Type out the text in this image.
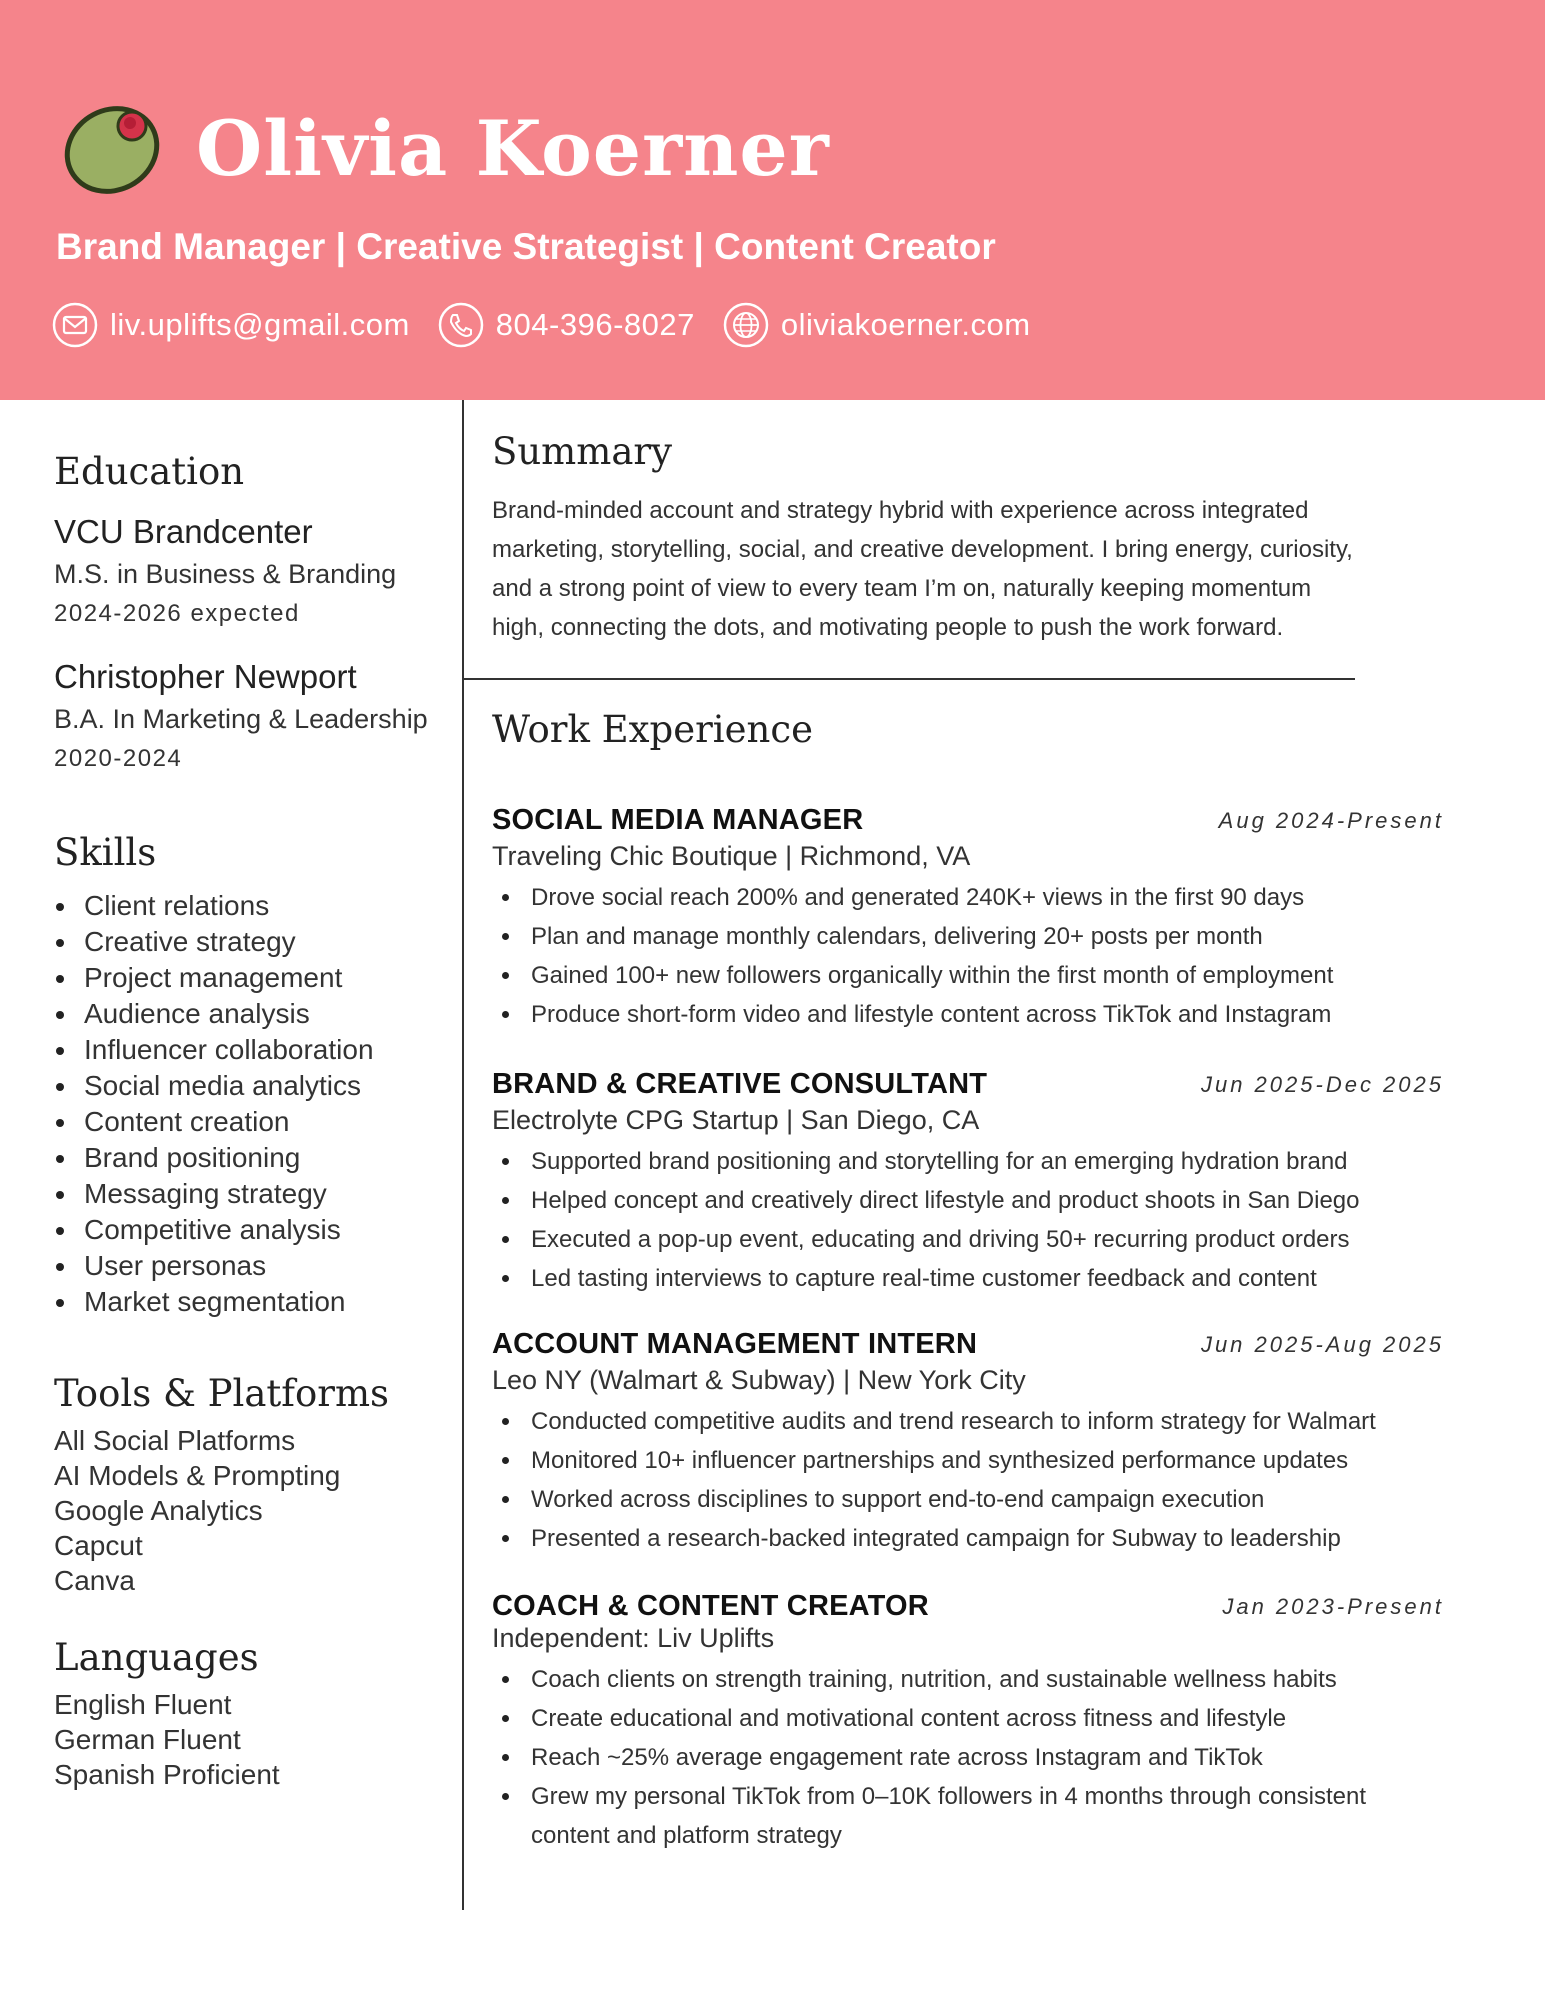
Olivia Koerner
Brand Manager | Creative Strategist | Content Creator
liv.uplifts@gmail.com	804-396-8027	oliviakoerner.com
Education
VCU Brandcenter
M.S. in Business & Branding
2024-2026 expected
Christopher Newport
B.A. In Marketing & Leadership
2020-2024
Skills
Client relations
Creative strategy
Project management
Audience analysis
Influencer collaboration
Social media analytics
Content creation
Brand positioning
Messaging strategy
Competitive analysis
User personas
Market segmentation
Tools & Platforms
All Social Platforms
AI Models & Prompting
Google Analytics
Capcut
Canva
Languages
English Fluent
German Fluent
Spanish Proficient
Summary
Brand-minded account and strategy hybrid with experience across integrated
marketing, storytelling, social, and creative development. I bring energy, curiosity,
and a strong point of view to every team I’m on, naturally keeping momentum
high, connecting the dots, and motivating people to push the work forward.
Work Experience
SOCIAL MEDIA MANAGER	Aug 2024-Present
Traveling Chic Boutique | Richmond, VA
Drove social reach 200% and generated 240K+ views in the first 90 days
Plan and manage monthly calendars, delivering 20+ posts per month
Gained 100+ new followers organically within the first month of employment
Produce short-form video and lifestyle content across TikTok and Instagram
BRAND & CREATIVE CONSULTANT	Jun 2025-Dec 2025
Electrolyte CPG Startup | San Diego, CA
Supported brand positioning and storytelling for an emerging hydration brand
Helped concept and creatively direct lifestyle and product shoots in San Diego
Executed a pop-up event, educating and driving 50+ recurring product orders
Led tasting interviews to capture real-time customer feedback and content
ACCOUNT MANAGEMENT INTERN	Jun 2025-Aug 2025
Leo NY (Walmart & Subway) | New York City
Conducted competitive audits and trend research to inform strategy for Walmart
Monitored 10+ influencer partnerships and synthesized performance updates
Worked across disciplines to support end-to-end campaign execution
Presented a research-backed integrated campaign for Subway to leadership
COACH & CONTENT CREATOR	Jan 2023-Present
Independent: Liv Uplifts
Coach clients on strength training, nutrition, and sustainable wellness habits
Create educational and motivational content across fitness and lifestyle
Reach ~25% average engagement rate across Instagram and TikTok
Grew my personal TikTok from 0–10K followers in 4 months through consistent
content and platform strategy
